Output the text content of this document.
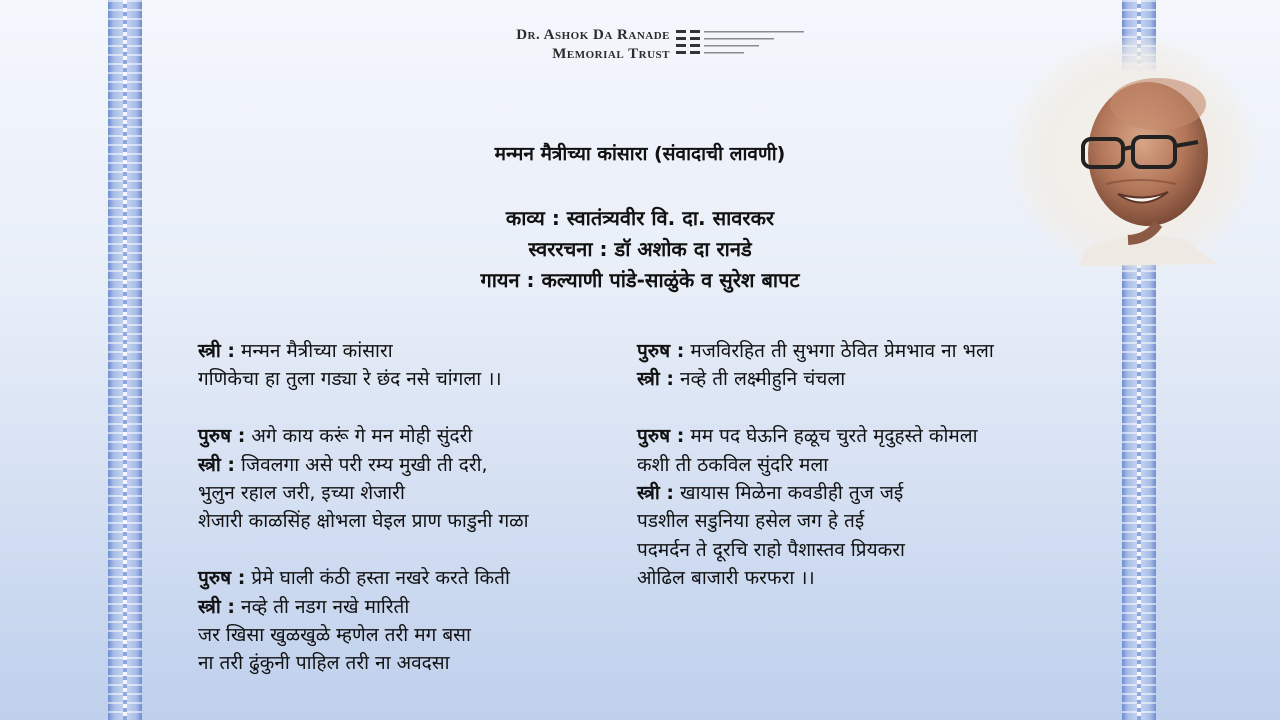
Dr. Ashok Da Ranade
Memorial Trust
मन्मन मैत्रीच्या कांसारा (संवादाची लावणी)
काव्य : स्वातंत्र्यवीर वि. दा. सावरकर
स्वररचना : डॉ अशोक दा रानडे
गायन : कल्याणी पांडे-साळुंके व सुरेश बापट
स्त्री : मन्मन मैत्रीच्या कांसारा
गणिकेचा हा तुला गड्या रे छंद नसे चांगला ।।
पुरुष : अगे काय करूं गे मन मोही सुंदरी
स्त्री : जिवलगा असे परी रम्य मुखी ती दरी,
भुलुन रहाल जरी, इच्या शेजारी
शेजारी काळसिंह क्षोभला घेइल प्राण फाडुनी गळा
पुरुष : प्रेमे घाली कंठी हस्ता नखरे करते किती
स्त्री : नव्हे ती नडग नखे मारिती
जर खिसा खुळखुळे म्हणेल तरी मग बसा
ना तरी ढुंकुनी पाहिल तरी ना अवदसा
पुरुष : मजविरहित ती सुभगा ठेवित प्रेमभाव ना भला
स्त्री : नव्हे ती लक्ष्मीहुनि चंचला
पुरुष : मम पद घेऊनि हळूच चुरते मृदुहस्ते कोमला
कशी ती ठकविल सुंदरि मला
स्त्री : खायास मिळेना कवडीही तुज जई
पडशील सडुनिया हसेल जग हे तई
पदमर्दन ते दूरचि राहो पैशास्तव प्रियकरा
ओढिल बाजारी फरफरा ।।
